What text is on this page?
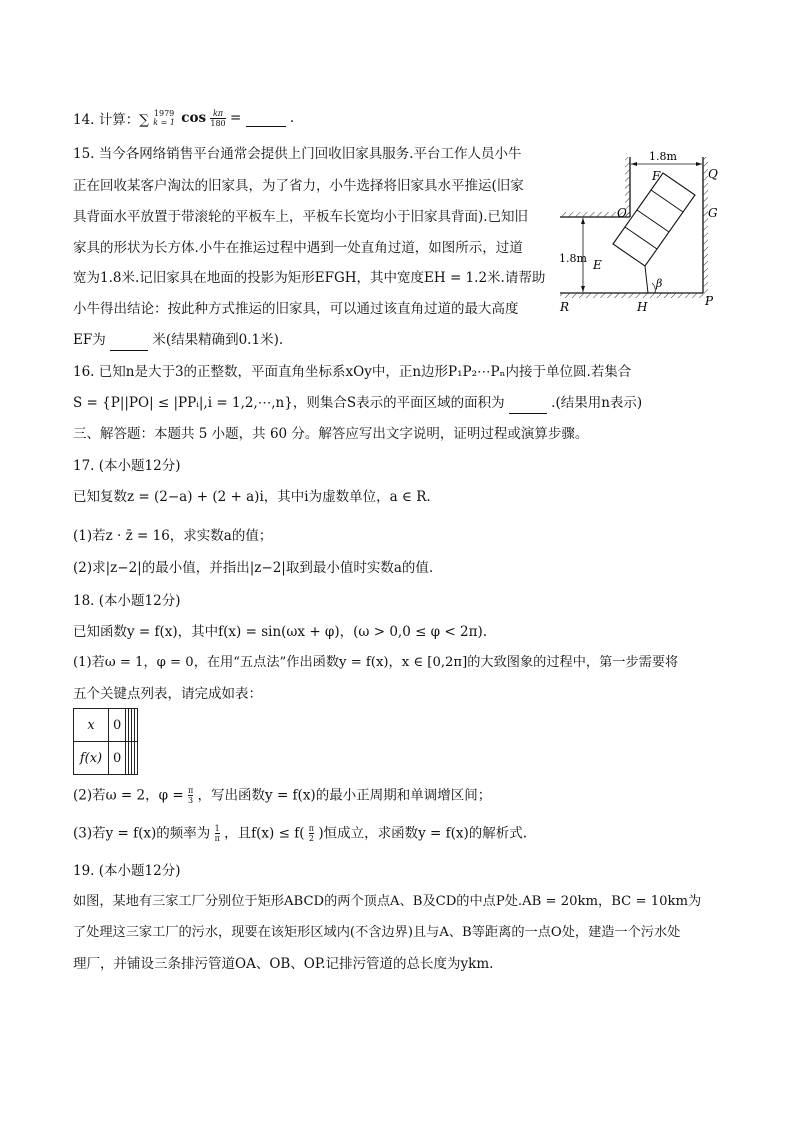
14. 计算：∑ 1979
k = 1 $\cos \frac{k\pi}{180}$ =	.
15. 当今各网络销售平台通常会提供上门回收旧家具服务.平台工作人员小牛
正在回收某客户淘汰的旧家具，为了省力，小牛选择将旧家具水平推运(旧家
具背面水平放置于带滚轮的平板车上，平板车长宽均小于旧家具背面).已知旧
家具的形状为长方体.小牛在推运过程中遇到一处直角过道，如图所示，过道
宽为1.8米.记旧家具在地面的投影为矩形EFGH，其中宽度EH = 1.2米.请帮助
小牛得出结论：按此种方式推运的旧家具，可以通过该直角过道的最大高度
EF为	米(结果精确到0.1米).
1.8m
1.8m
F	Q
G
O
E
β
R	H	P
16. 已知n是大于3的正整数，平面直角坐标系xOy中，正n边形P₁P₂⋯Pₙ内接于单位圆.若集合
S = {P||PO| ≤ |PPᵢ|,i = 1,2,⋯,n}，则集合S表示的平面区域的面积为	.(结果用n表示)
三、解答题：本题共 5 小题，共 60 分。解答应写出文字说明，证明过程或演算步骤。
17. (本小题12分)
已知复数z = (2−a) + (2 + a)i，其中i为虚数单位，a ∈ R.
(1)若z · z̄ = 16，求实数a的值；
(2)求|z−2|的最小值，并指出|z−2|取到最小值时实数a的值.
18. (本小题12分)
已知函数y = f(x)，其中f(x) = sin(ωx + φ)，(ω > 0,0 ≤ φ < 2π).
(1)若ω = 1，φ = 0，在用“五点法”作出函数y = f(x)，x ∈ [0,2π]的大致图象的过程中，第一步需要将
五个关键点列表，请完成如表：
x	0				
f(x)	0				
(2)若ω = 2，$\varphi = \frac{\pi}{3}$ ，写出函数y = f(x)的最小正周期和单调增区间；
(3)若y = f(x)的频率为 $\frac{1}{\pi}$ ，且$f(x) \le f( \frac{\pi}{2}$ )恒成立，求函数y = f(x)的解析式.
19. (本小题12分)
如图，某地有三家工厂分别位于矩形ABCD的两个顶点A、B及CD的中点P处.AB = 20km，BC = 10km为
了处理这三家工厂的污水，现要在该矩形区域内(不含边界)且与A、B等距离的一点O处，建造一个污水处
理厂，并铺设三条排污管道OA、OB、OP.记排污管道的总长度为ykm.
